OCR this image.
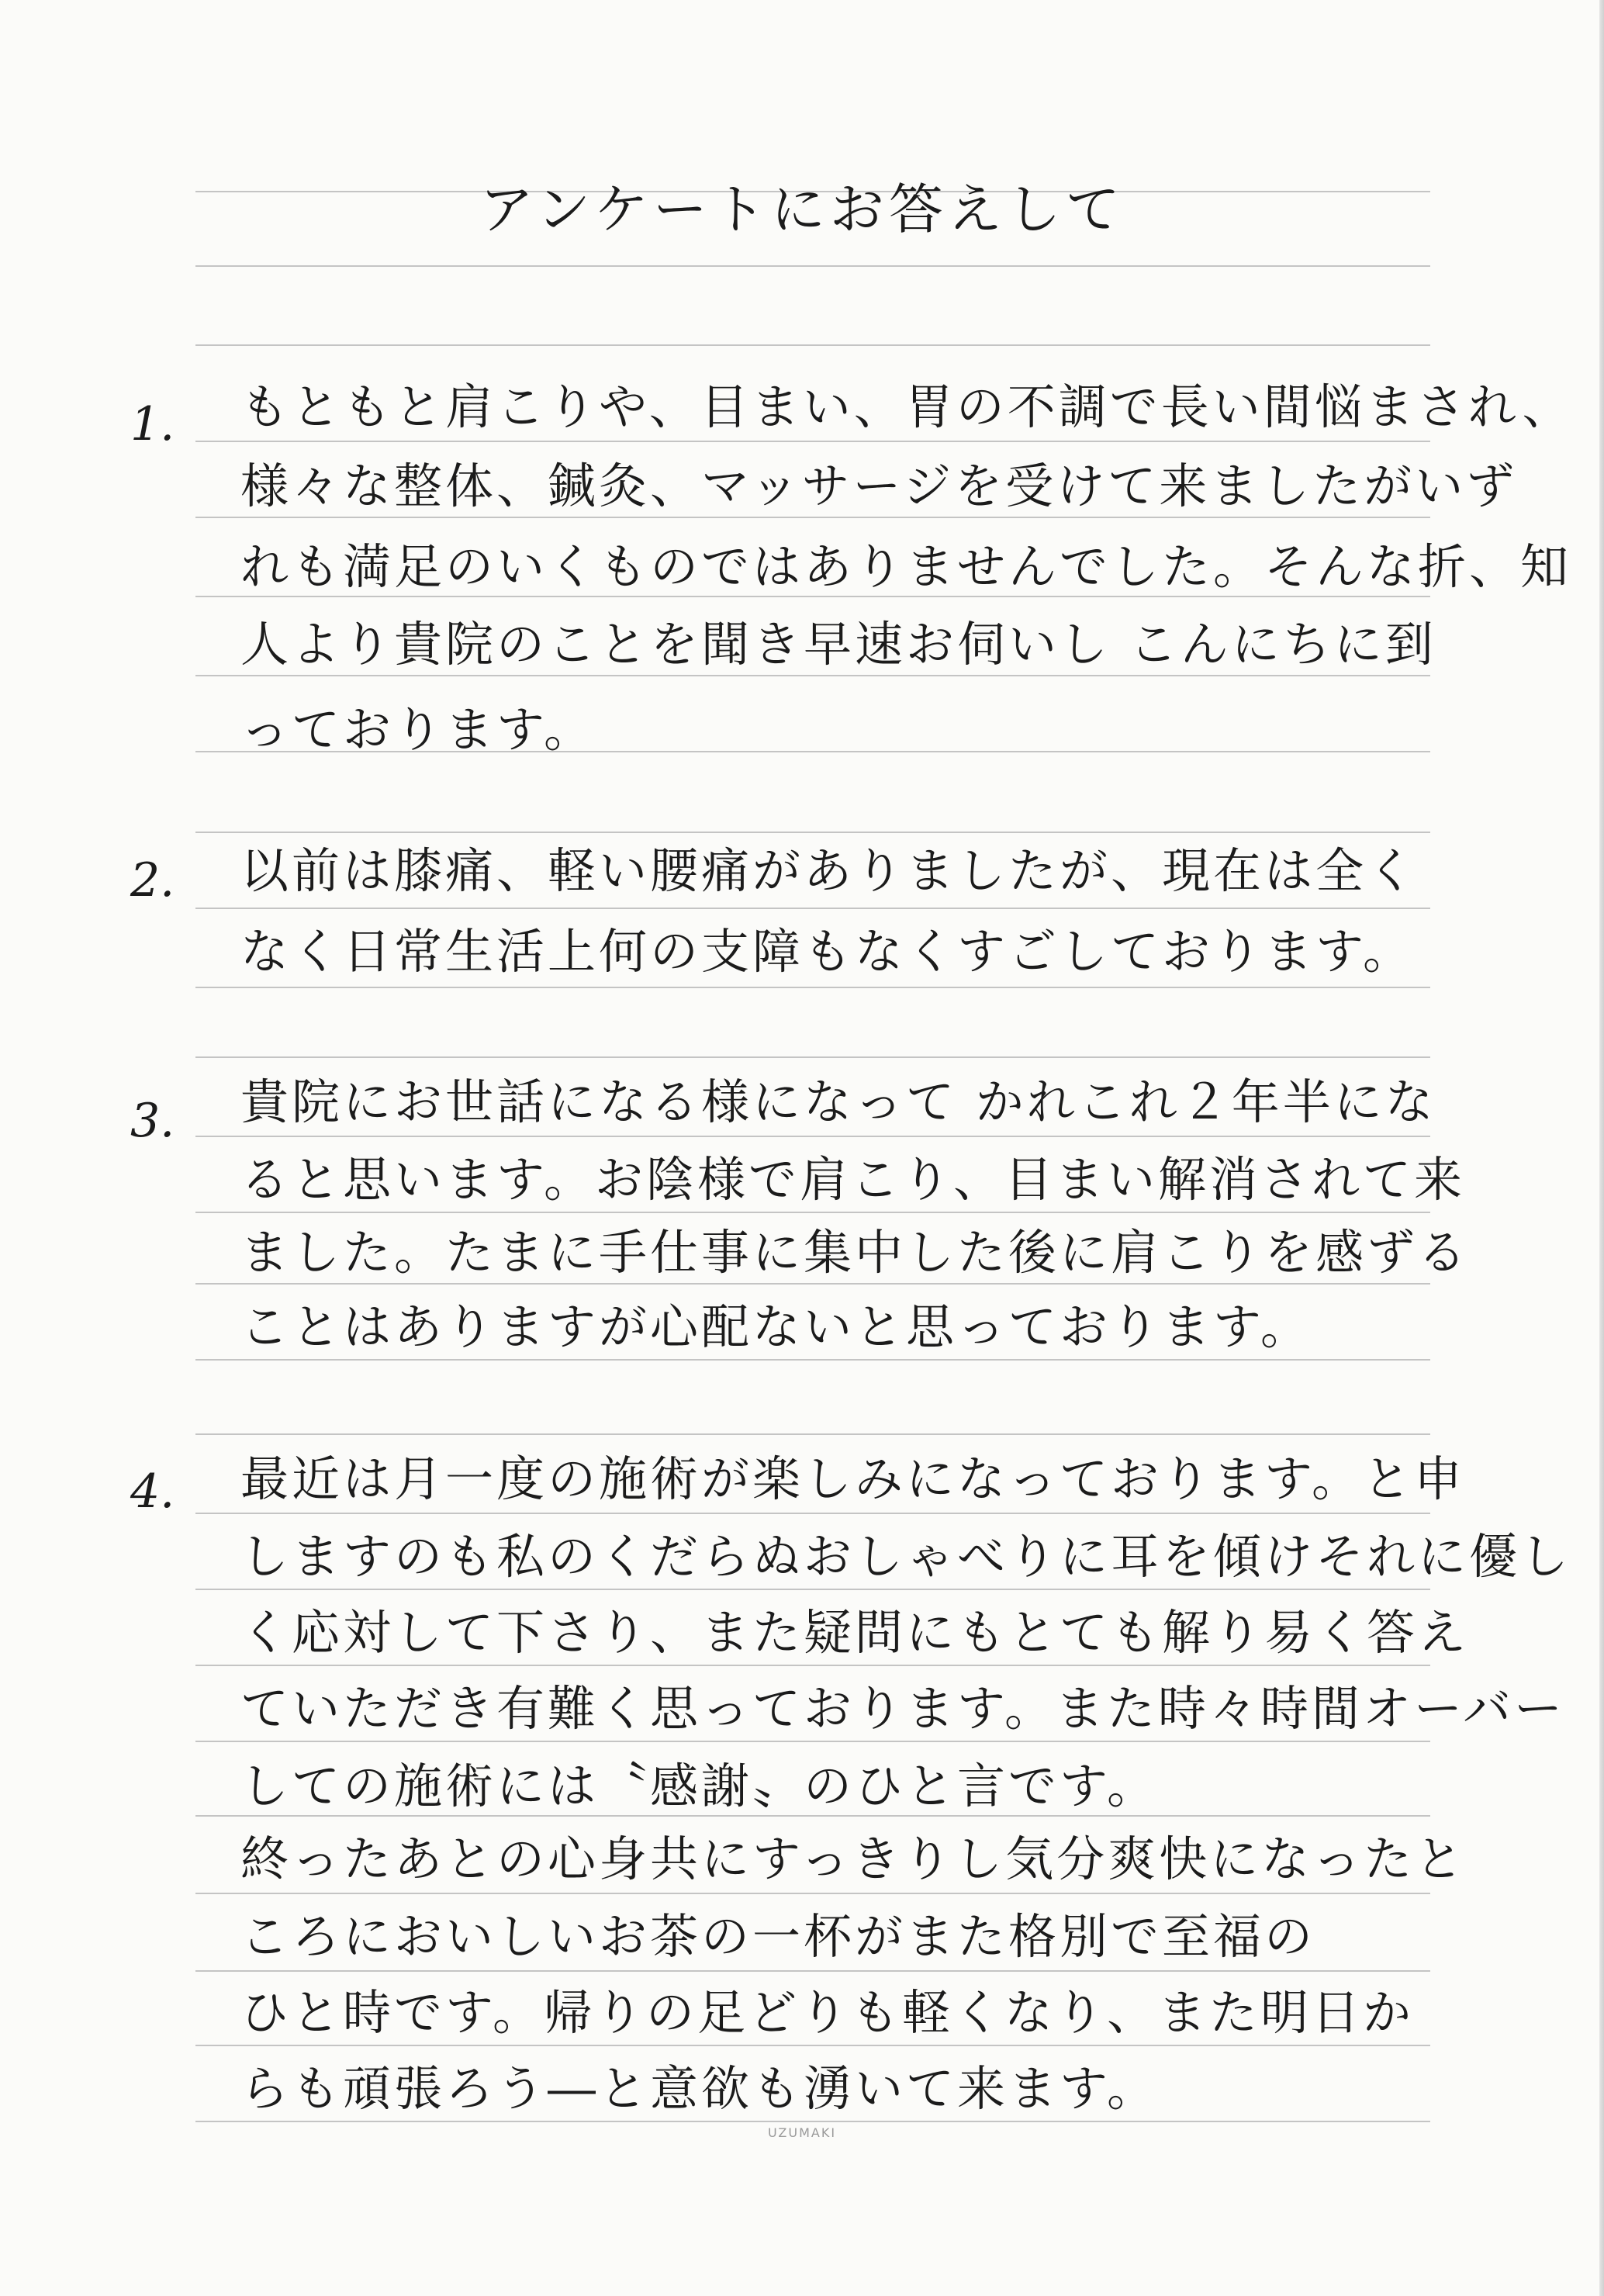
アンケートにお答えして
1. もともと肩こりや、目まい、胃の不調で長い間悩まされ、
様々な整体、鍼灸、マッサージを受けて来ましたがいず
れも満足のいくものではありませんでした。そんな折、知
人より貴院のことを聞き早速お伺いし こんにちに到
っております。
2. 以前は膝痛、軽い腰痛がありましたが、現在は全く
なく日常生活上何の支障もなくすごしております。
3. 貴院にお世話になる様になって かれこれ２年半にな
ると思います。お陰様で肩こり、目まい解消されて来
ました。たまに手仕事に集中した後に肩こりを感ずる
ことはありますが心配ないと思っております。
4. 最近は月一度の施術が楽しみになっております。と申
しますのも私のくだらぬおしゃべりに耳を傾けそれに優し
く応対して下さり、また疑問にもとても解り易く答え
ていただき有難く思っております。また時々時間オーバー
しての施術には〝感謝〟のひと言です。
終ったあとの心身共にすっきりし気分爽快になったと
ころにおいしいお茶の一杯がまた格別で至福の
ひと時です。帰りの足どりも軽くなり、また明日か
らも頑張ろう―と意欲も湧いて来ます。
UZUMAKI
